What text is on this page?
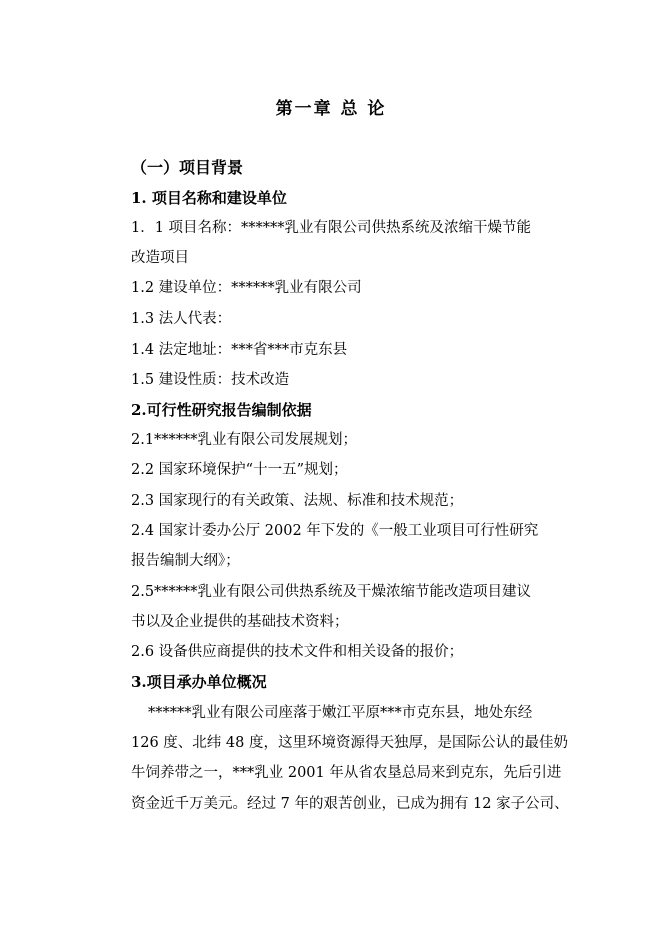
第一章 总 论
（一）项目背景
1. 项目名称和建设单位
1．1 项目名称：******乳业有限公司供热系统及浓缩干燥节能
改造项目
1.2 建设单位：******乳业有限公司
1.3 法人代表：
1.4 法定地址：***省***市克东县
1.5 建设性质：技术改造
2.可行性研究报告编制依据
2.1******乳业有限公司发展规划；
2.2 国家环境保护“十一五”规划；
2.3 国家现行的有关政策、法规、标准和技术规范；
2.4 国家计委办公厅 2002 年下发的《一般工业项目可行性研究
报告编制大纲》；
2.5******乳业有限公司供热系统及干燥浓缩节能改造项目建议
书以及企业提供的基础技术资料；
2.6 设备供应商提供的技术文件和相关设备的报价；
3.项目承办单位概况
******乳业有限公司座落于嫩江平原***市克东县，地处东经
126 度、北纬 48 度，这里环境资源得天独厚，是国际公认的最佳奶
牛饲养带之一，***乳业 2001 年从省农垦总局来到克东，先后引进
资金近千万美元。经过 7 年的艰苦创业，已成为拥有 12 家子公司、
